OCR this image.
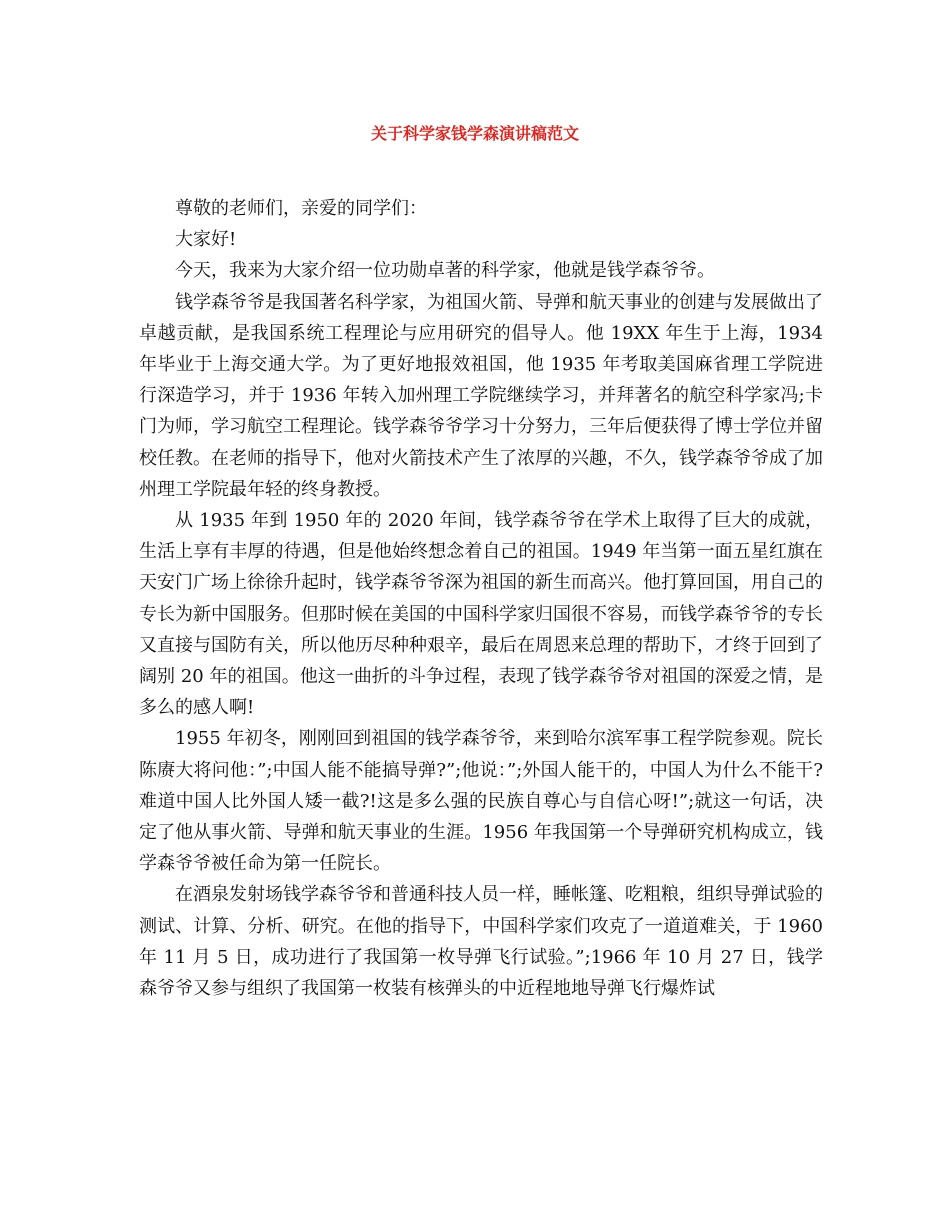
关于科学家钱学森演讲稿范文

尊敬的老师们，亲爱的同学们：

大家好!

今天，我来为大家介绍一位功勋卓著的科学家，他就是钱学森爷爷。

钱学森爷爷是我国著名科学家，为祖国火箭、导弹和航天事业的创建与发展做出了卓越贡献，是我国系统工程理论与应用研究的倡导人。他 19XX 年生于上海，1934 年毕业于上海交通大学。为了更好地报效祖国，他 1935 年考取美国麻省理工学院进行深造学习，并于 1936 年转入加州理工学院继续学习，并拜著名的航空科学家冯;卡门为师，学习航空工程理论。钱学森爷爷学习十分努力，三年后便获得了博士学位并留校任教。在老师的指导下，他对火箭技术产生了浓厚的兴趣，不久，钱学森爷爷成了加州理工学院最年轻的终身教授。

从 1935 年到 1950 年的 2020 年间，钱学森爷爷在学术上取得了巨大的成就，生活上享有丰厚的待遇，但是他始终想念着自己的祖国。1949 年当第一面五星红旗在天安门广场上徐徐升起时，钱学森爷爷深为祖国的新生而高兴。他打算回国，用自己的专长为新中国服务。但那时候在美国的中国科学家归国很不容易，而钱学森爷爷的专长又直接与国防有关，所以他历尽种种艰辛，最后在周恩来总理的帮助下，才终于回到了阔别 20 年的祖国。他这一曲折的斗争过程，表现了钱学森爷爷对祖国的深爱之情，是多么的感人啊!

1955 年初冬，刚刚回到祖国的钱学森爷爷，来到哈尔滨军事工程学院参观。院长陈赓大将问他：”;中国人能不能搞导弹?”;他说：”;外国人能干的，中国人为什么不能干?难道中国人比外国人矮一截?!这是多么强的民族自尊心与自信心呀!”;就这一句话，决定了他从事火箭、导弹和航天事业的生涯。1956 年我国第一个导弹研究机构成立，钱学森爷爷被任命为第一任院长。

在酒泉发射场钱学森爷爷和普通科技人员一样，睡帐篷、吃粗粮，组织导弹试验的测试、计算、分析、研究。在他的指导下，中国科学家们攻克了一道道难关，于 1960 年 11 月 5 日，成功进行了我国第一枚导弹飞行试验。”;1966 年 10 月 27 日，钱学森爷爷又参与组织了我国第一枚装有核弹头的中近程地地导弹飞行爆炸试
